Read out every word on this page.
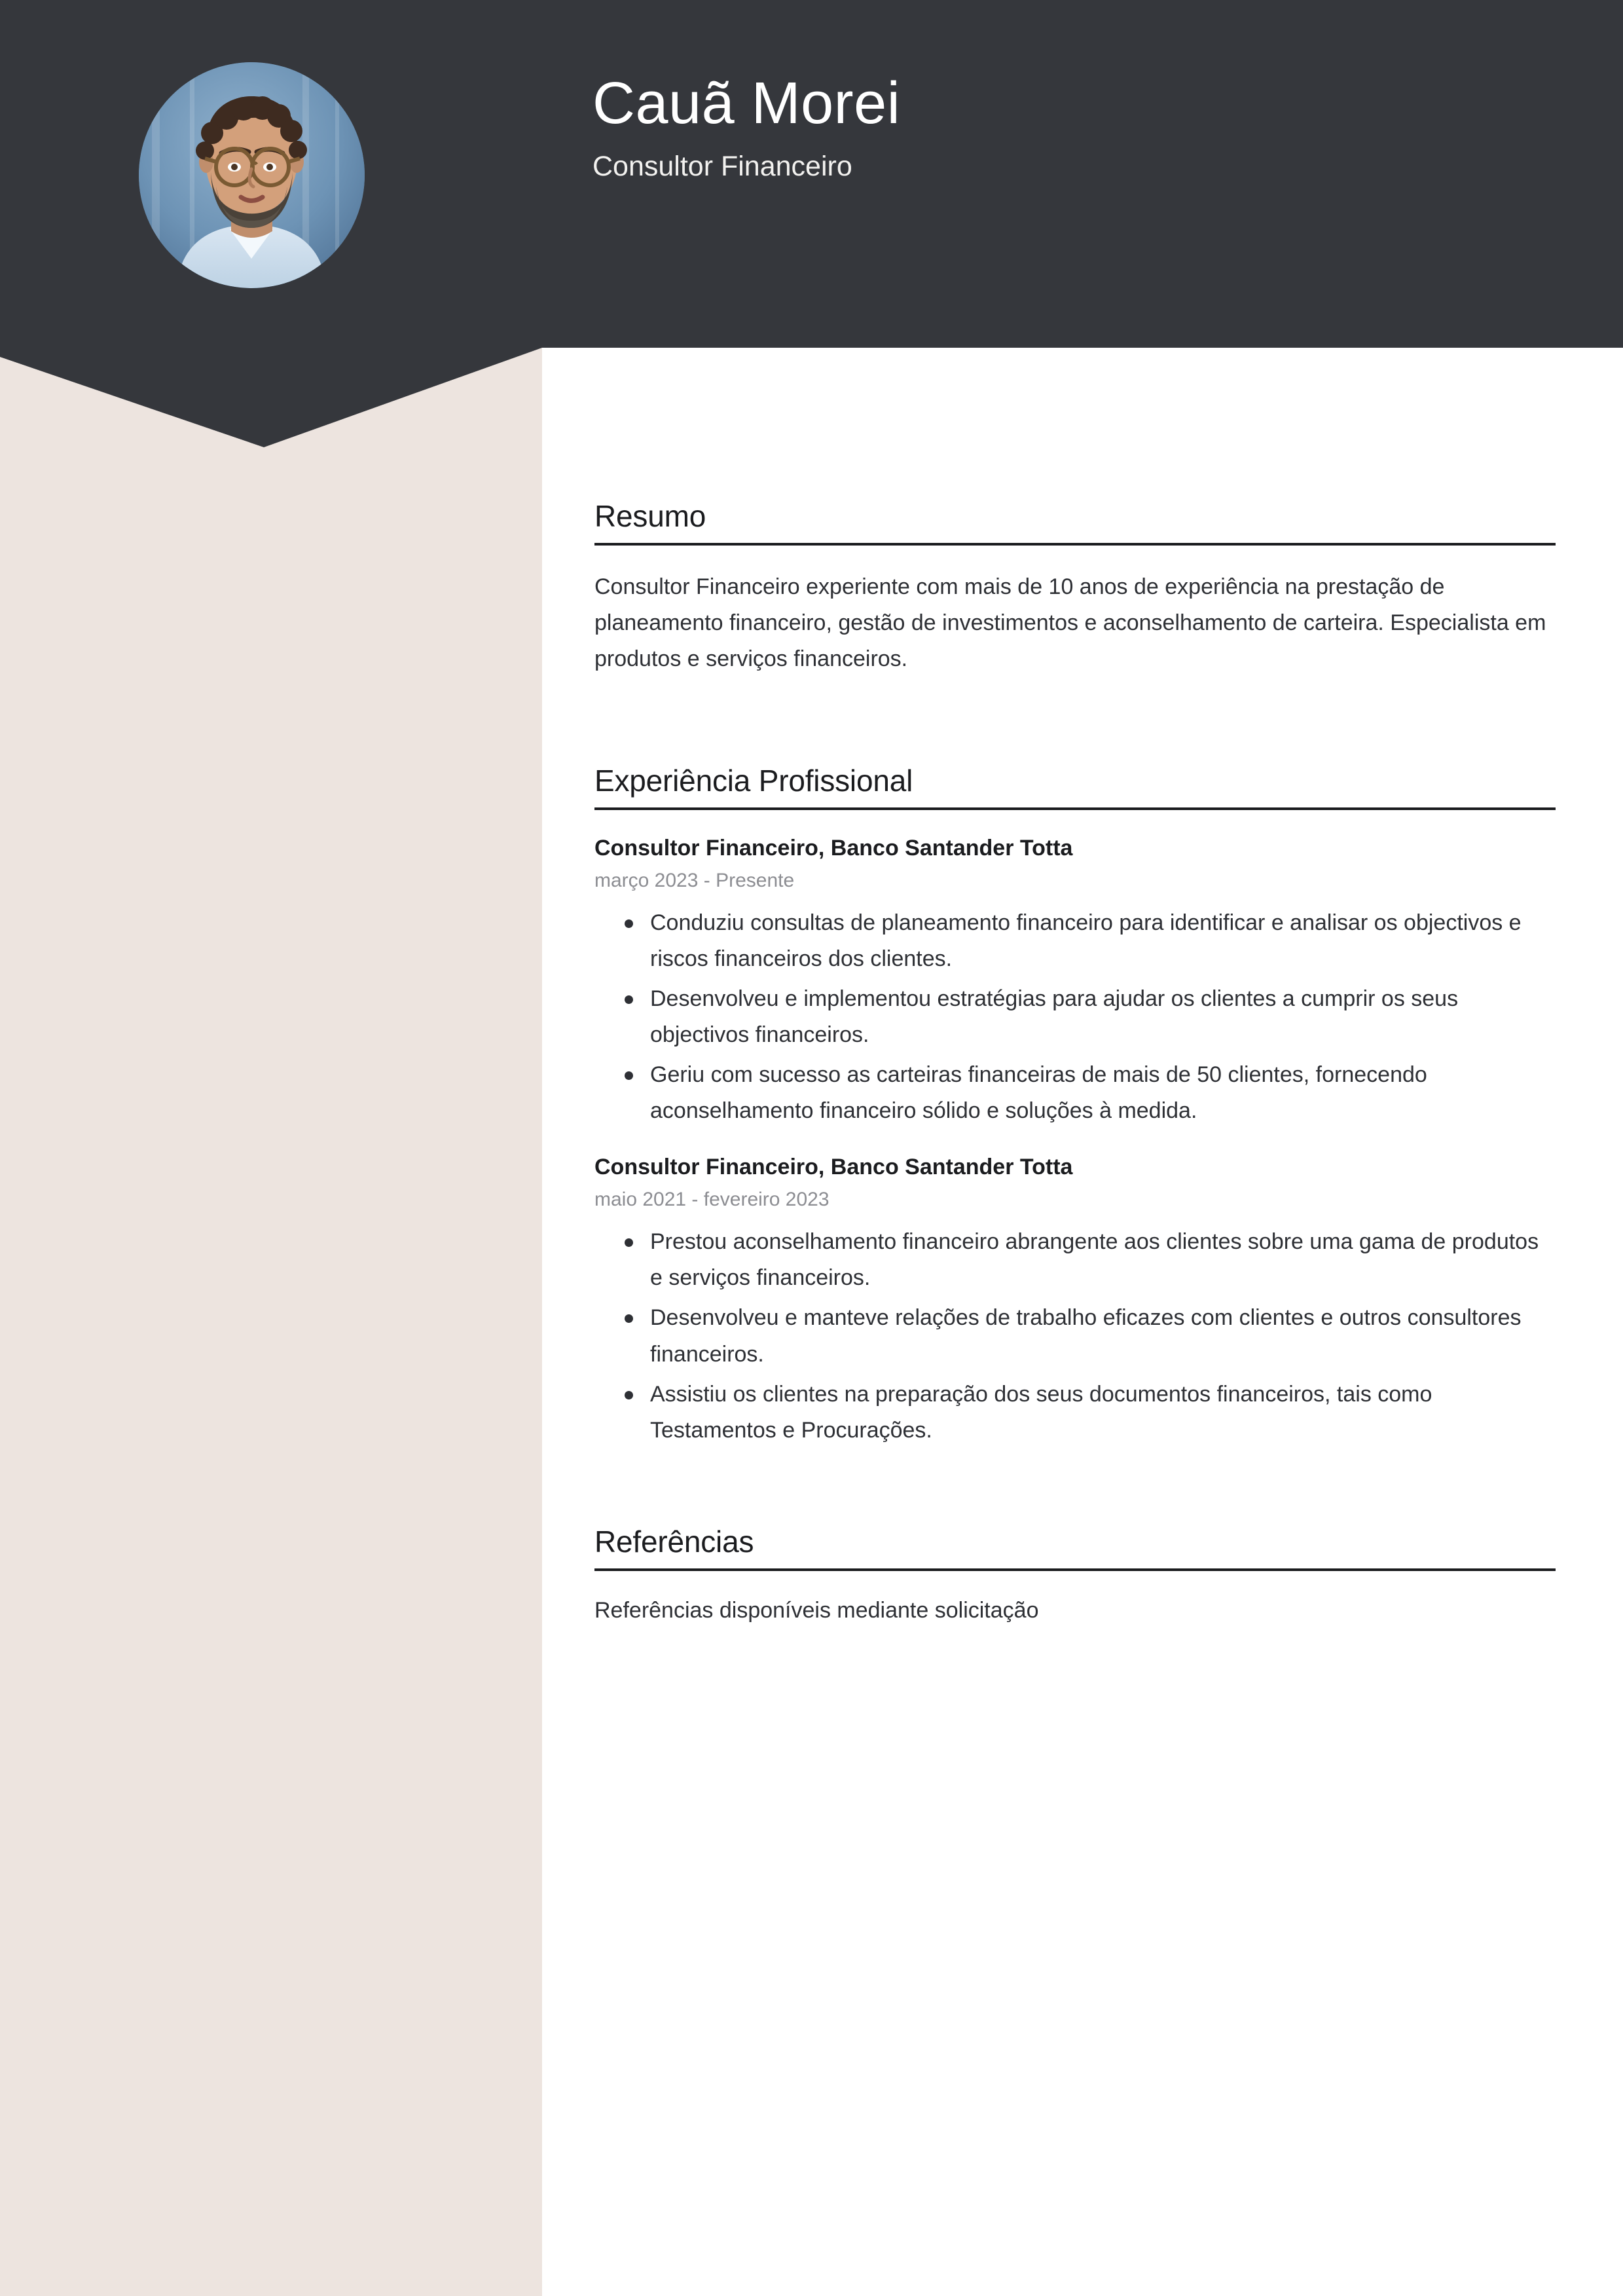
Cauã Morei
Consultor Financeiro
Resumo
Consultor Financeiro experiente com mais de 10 anos de experiência na prestação de planeamento financeiro, gestão de investimentos e aconselhamento de carteira. Especialista em produtos e serviços financeiros.
Experiência Profissional
Consultor Financeiro, Banco Santander Totta
março 2023 - Presente
Conduziu consultas de planeamento financeiro para identificar e analisar os objectivos e riscos financeiros dos clientes.
Desenvolveu e implementou estratégias para ajudar os clientes a cumprir os seus objectivos financeiros.
Geriu com sucesso as carteiras financeiras de mais de 50 clientes, fornecendo aconselhamento financeiro sólido e soluções à medida.
Consultor Financeiro, Banco Santander Totta
maio 2021 - fevereiro 2023
Prestou aconselhamento financeiro abrangente aos clientes sobre uma gama de produtos e serviços financeiros.
Desenvolveu e manteve relações de trabalho eficazes com clientes e outros consultores financeiros.
Assistiu os clientes na preparação dos seus documentos financeiros, tais como Testamentos e Procurações.
Referências
Referências disponíveis mediante solicitação
